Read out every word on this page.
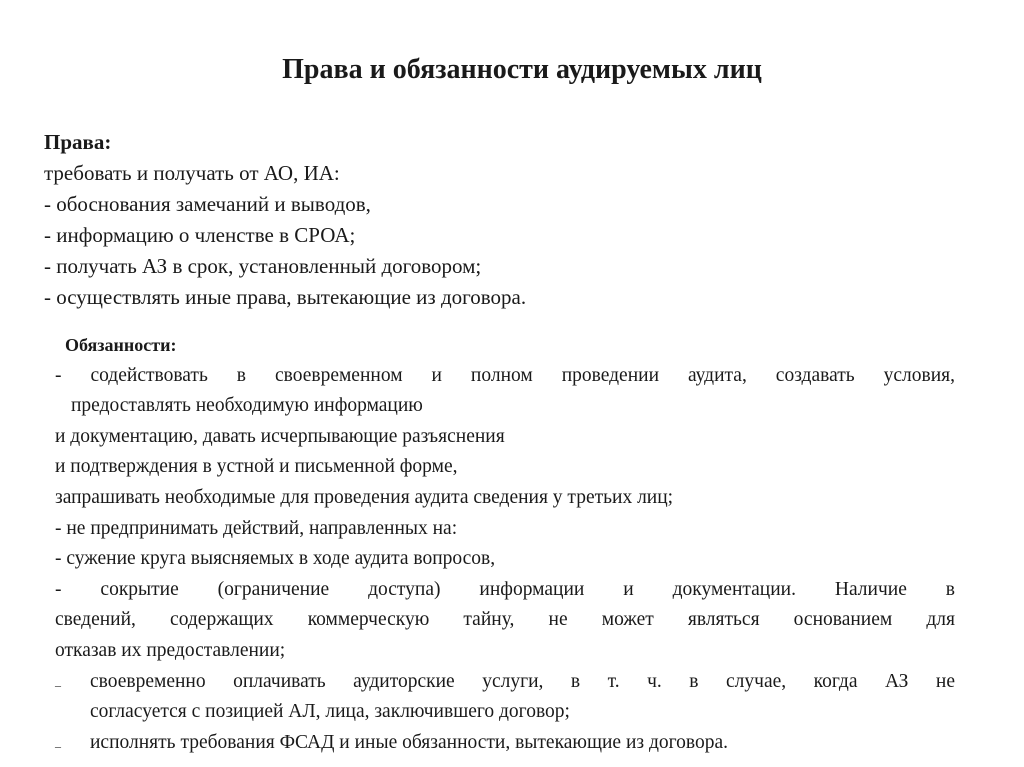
Права и обязанности аудируемых лиц
Права:
требовать и получать от АО, ИА:
- обоснования замечаний и выводов,
- информацию о членстве в СРОА;
- получать АЗ в срок, установленный договором;
- осуществлять иные права, вытекающие из договора.
Обязанности:
- содействовать в своевременном и полном проведении аудита, создавать условия,
предоставлять необходимую информацию
и документацию, давать исчерпывающие разъяснения
и подтверждения в устной и письменной форме,
запрашивать необходимые для проведения аудита сведения у третьих лиц;
- не предпринимать действий, направленных на:
- сужение круга выясняемых в ходе аудита вопросов,
- сокрытие (ограничение доступа) информации и документации. Наличие в
сведений, содержащих коммерческую тайну, не может являться основанием для
отказав их предоставлении;
–	своевременно оплачивать аудиторские услуги, в т. ч. в случае, когда АЗ не
согласуется с позицией АЛ, лица, заключившего договор;
–	исполнять требования ФСАД и иные обязанности, вытекающие из договора.
